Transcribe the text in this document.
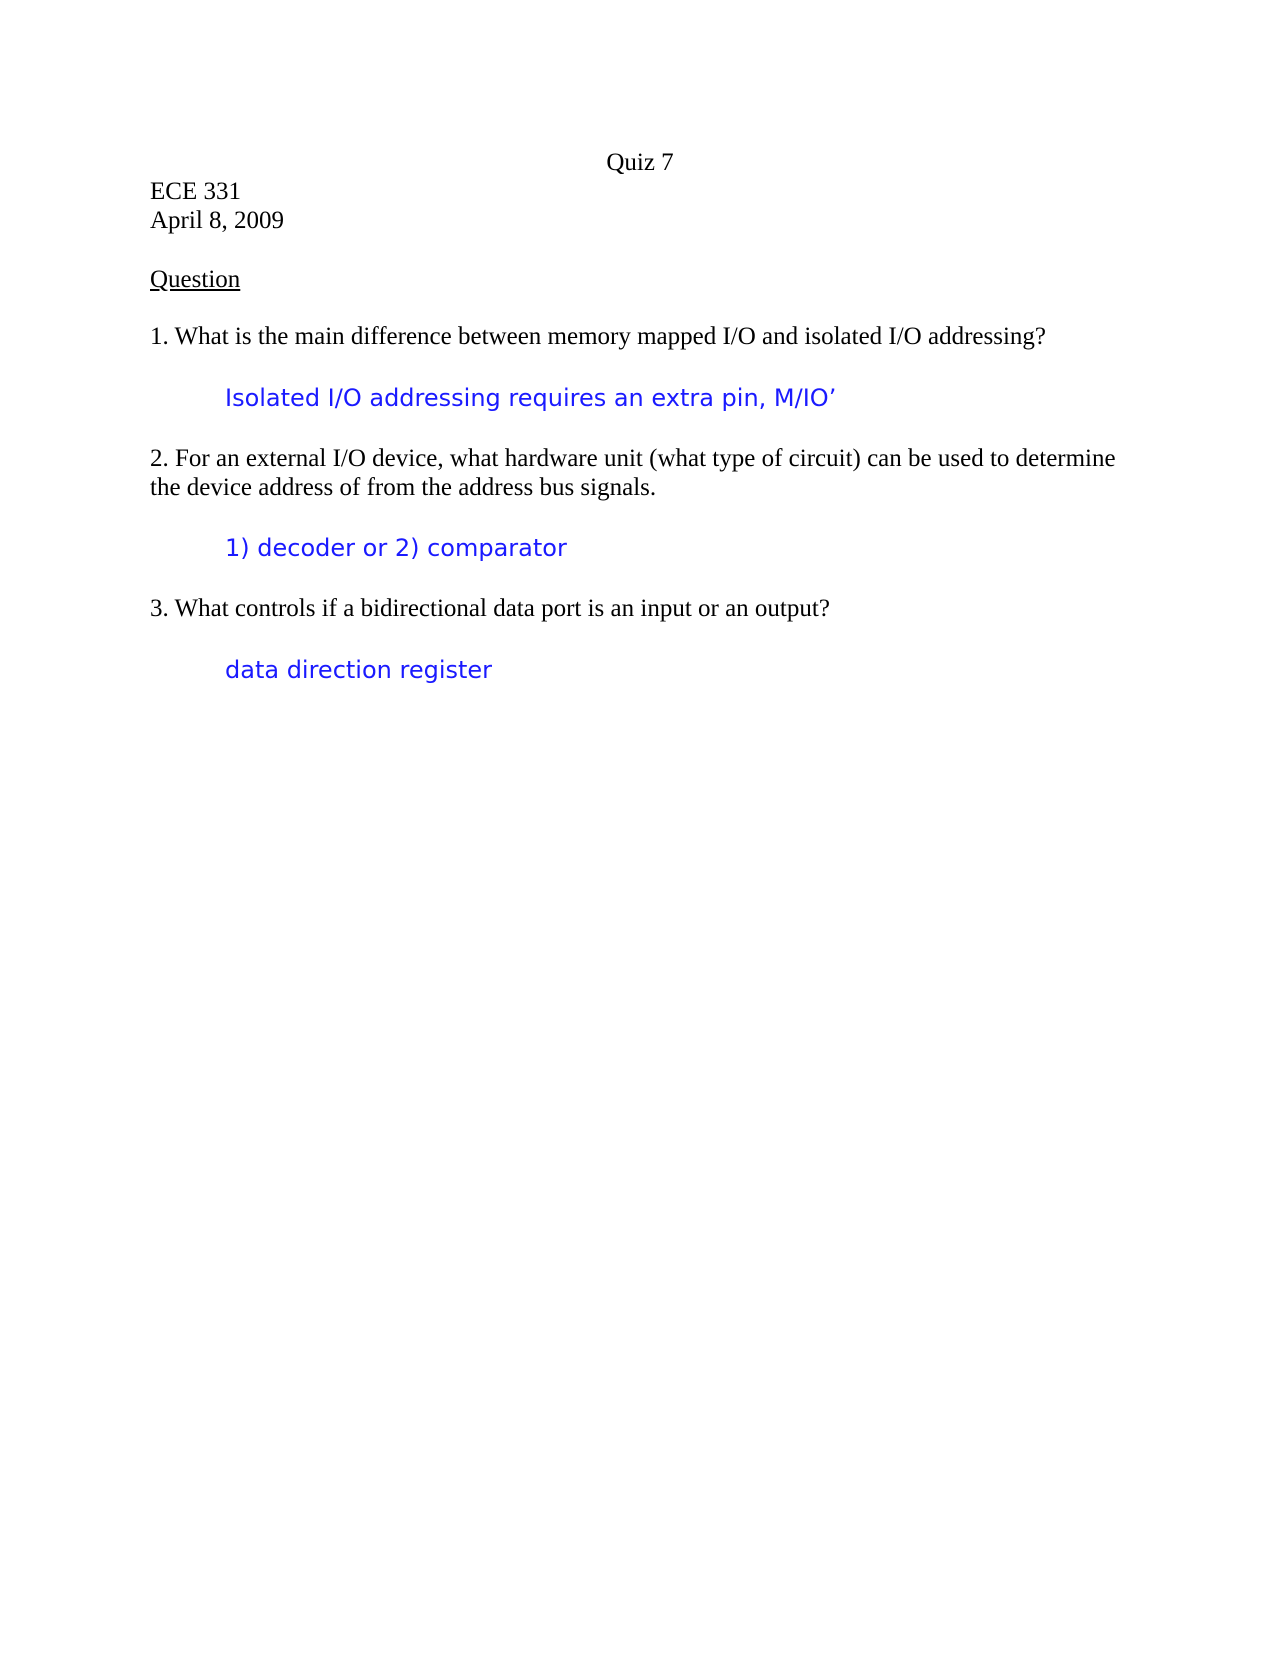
Quiz 7
ECE 331
April 8, 2009
Question
1. What is the main difference between memory mapped I/O and isolated I/O addressing?
Isolated I/O addressing requires an extra pin, M/IO’
2. For an external I/O device, what hardware unit (what type of circuit) can be used to determine the device address of from the address bus signals.
1) decoder or 2) comparator
3. What controls if a bidirectional data port is an input or an output?
data direction register
